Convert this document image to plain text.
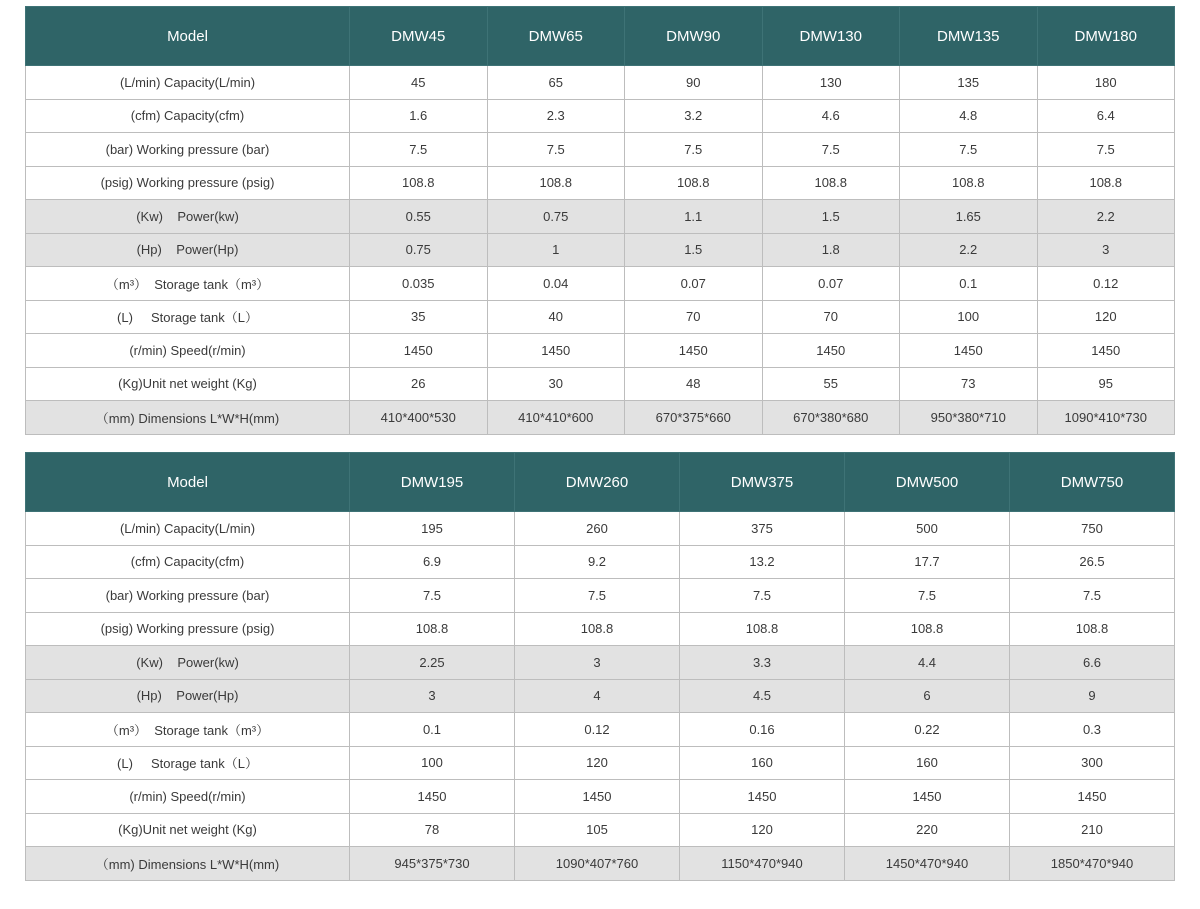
Model	DMW45	DMW65	DMW90	DMW130	DMW135	DMW180
(L/min) Capacity(L/min)	45	65	90	130	135	180
(cfm) Capacity(cfm)	1.6	2.3	3.2	4.6	4.8	6.4
(bar) Working pressure (bar)	7.5	7.5	7.5	7.5	7.5	7.5
(psig) Working pressure (psig)	108.8	108.8	108.8	108.8	108.8	108.8
(Kw)    Power(kw)	0.55	0.75	1.1	1.5	1.65	2.2
(Hp)    Power(Hp)	0.75	1	1.5	1.8	2.2	3
（m³）  Storage tank（m³）	0.035	0.04	0.07	0.07	0.1	0.12
(L)     Storage tank（L）	35	40	70	70	100	120
(r/min) Speed(r/min)	1450	1450	1450	1450	1450	1450
(Kg)Unit net weight (Kg)	26	30	48	55	73	95
（mm) Dimensions L*W*H(mm)	410*400*530	410*410*600	670*375*660	670*380*680	950*380*710	1090*410*730
Model	DMW195	DMW260	DMW375	DMW500	DMW750
(L/min) Capacity(L/min)	195	260	375	500	750
(cfm) Capacity(cfm)	6.9	9.2	13.2	17.7	26.5
(bar) Working pressure (bar)	7.5	7.5	7.5	7.5	7.5
(psig) Working pressure (psig)	108.8	108.8	108.8	108.8	108.8
(Kw)    Power(kw)	2.25	3	3.3	4.4	6.6
(Hp)    Power(Hp)	3	4	4.5	6	9
（m³）  Storage tank（m³）	0.1	0.12	0.16	0.22	0.3
(L)     Storage tank（L）	100	120	160	160	300
(r/min) Speed(r/min)	1450	1450	1450	1450	1450
(Kg)Unit net weight (Kg)	78	105	120	220	210
（mm) Dimensions L*W*H(mm)	945*375*730	1090*407*760	1150*470*940	1450*470*940	1850*470*940
